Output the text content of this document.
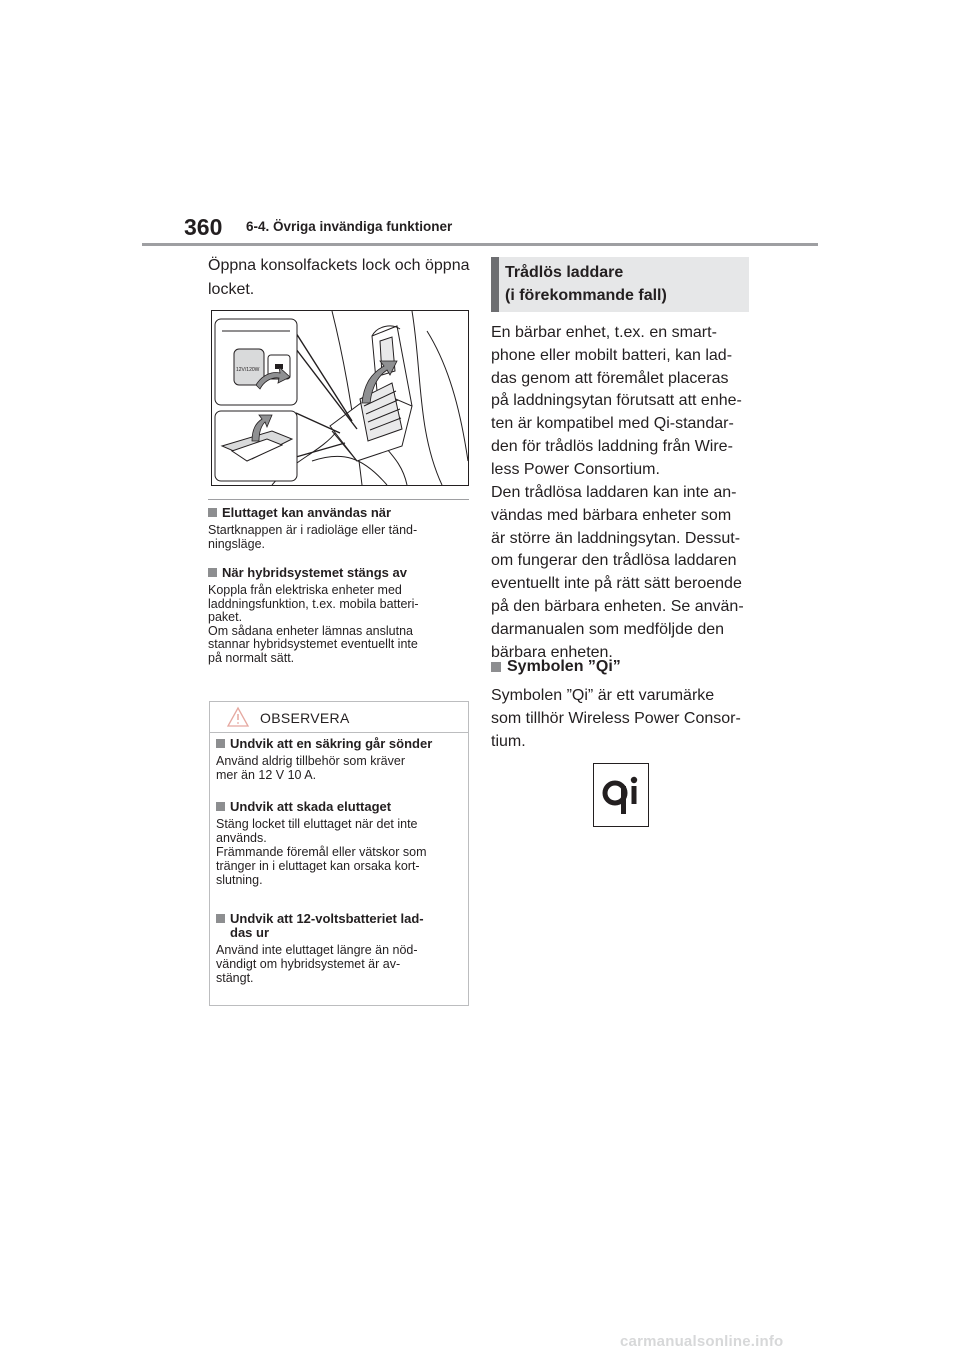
360 6-4. Övriga invändiga funktioner
Öppna konsolfackets lock och öppna locket.
12V/120W
Eluttaget kan användas när
Startknappen är i radioläge eller tänd-
ningsläge.
När hybridsystemet stängs av
Koppla från elektriska enheter med
laddningsfunktion, t.ex. mobila batteri-
paket.
Om sådana enheter lämnas anslutna
stannar hybridsystemet eventuellt inte
på normalt sätt.
OBSERVERA
Undvik att en säkring går sönder
Använd aldrig tillbehör som kräver
mer än 12 V 10 A.
Undvik att skada eluttaget
Stäng locket till eluttaget när det inte
används.
Främmande föremål eller vätskor som
tränger in i eluttaget kan orsaka kort-
slutning.
Undvik att 12-voltsbatteriet lad-
das ur
Använd inte eluttaget längre än nöd-
vändigt om hybridsystemet är av-
stängt.
Trådlös laddare
(i förekommande fall)
En bärbar enhet, t.ex. en smart-
phone eller mobilt batteri, kan lad-
das genom att föremålet placeras
på laddningsytan förutsatt att enhe-
ten är kompatibel med Qi-standar-
den för trådlös laddning från Wire-
less Power Consortium.
Den trådlösa laddaren kan inte an-
vändas med bärbara enheter som
är större än laddningsytan. Dessut-
om fungerar den trådlösa laddaren
eventuellt inte på rätt sätt beroende
på den bärbara enheten. Se använ-
darmanualen som medföljde den
bärbara enheten.
Symbolen ”Qi”
Symbolen ”Qi” är ett varumärke
som tillhör Wireless Power Consor-
tium.
carmanualsonline.info
